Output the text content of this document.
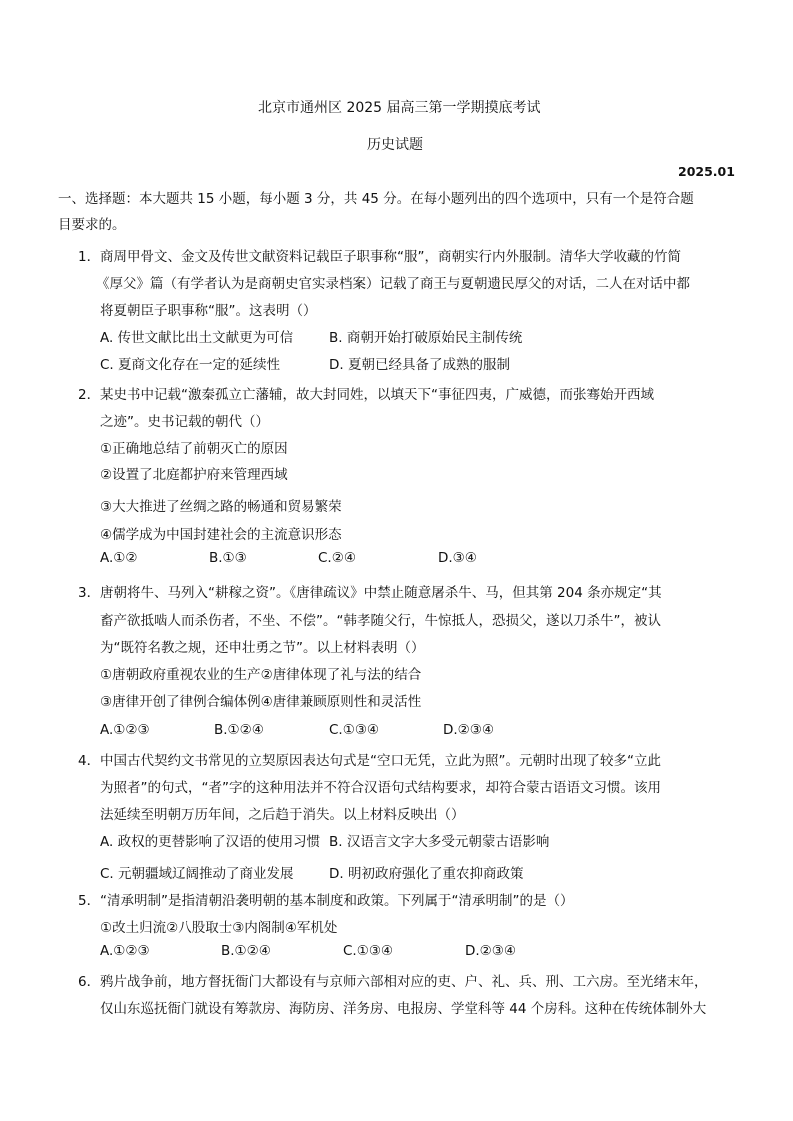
北京市通州区 2025 届高三第一学期摸底考试
历史试题
2025.01
一、选择题：本大题共 15 小题，每小题 3 分，共 45 分。在每小题列出的四个选项中，只有一个是符合题
目要求的。
1． 商周甲骨文、金文及传世文献资料记载臣子职事称“服”，商朝实行内外服制。清华大学收藏的竹简
《厚父》篇（有学者认为是商朝史官实录档案）记载了商王与夏朝遗民厚父的对话，二人在对话中都
将夏朝臣子职事称“服”。这表明（）
A. 传世文献比出土文献更为可信	B. 商朝开始打破原始民主制传统
C. 夏商文化存在一定的延续性	D. 夏朝已经具备了成熟的服制
2． 某史书中记载“激秦孤立亡藩辅，故大封同姓，以填天下“事征四夷，广威德，而张骞始开西域
之迹”。史书记载的朝代（）
①正确地总结了前朝灭亡的原因
②设置了北庭都护府来管理西域
③大大推进了丝绸之路的畅通和贸易繁荣
④儒学成为中国封建社会的主流意识形态
A.①②	B.①③	C.②④	D.③④
3． 唐朝将牛、马列入“耕稼之资”。《唐律疏议》中禁止随意屠杀牛、马，但其第 204 条亦规定“其
畜产欲抵啮人而杀伤者，不坐、不偿”。“韩孝随父行，牛惊抵人，恐损父，遂以刀杀牛”，被认
为“既符名教之规，还申壮勇之节”。以上材料表明（）
①唐朝政府重视农业的生产②唐律体现了礼与法的结合
③唐律开创了律例合编体例④唐律兼顾原则性和灵活性
A.①②③	B.①②④	C.①③④	D.②③④
4． 中国古代契约文书常见的立契原因表达句式是“空口无凭，立此为照”。元朝时出现了较多“立此
为照者”的句式，“者”字的这种用法并不符合汉语句式结构要求，却符合蒙古语语文习惯。该用
法延续至明朝万历年间，之后趋于消失。以上材料反映出（）
A. 政权的更替影响了汉语的使用习惯 B. 汉语言文字大多受元朝蒙古语影响
C. 元朝疆域辽阔推动了商业发展	D. 明初政府强化了重农抑商政策
5． “清承明制”是指清朝沿袭明朝的基本制度和政策。下列属于“清承明制”的是（）
①改土归流②八股取士③内阁制④军机处
A.①②③	B.①②④	C.①③④	D.②③④
6． 鸦片战争前，地方督抚衙门大都设有与京师六部相对应的吏、户、礼、兵、刑、工六房。至光绪末年，
仅山东巡抚衙门就设有筹款房、海防房、洋务房、电报房、学堂科等 44 个房科。这种在传统体制外大
